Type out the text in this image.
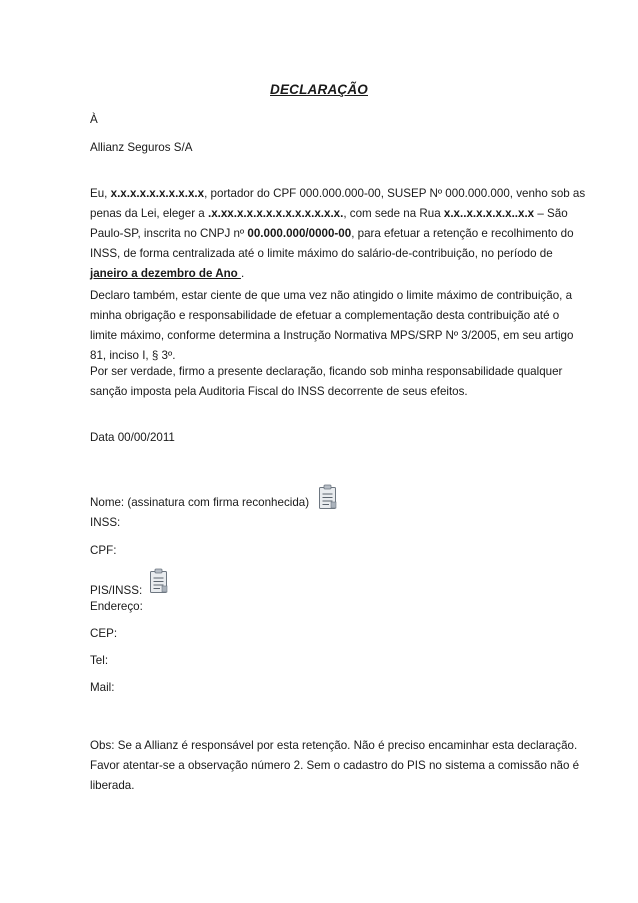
DECLARAÇÃO
À
Allianz Seguros S/A
Eu, x.x.x.x.x.x.x.x.x.x, portador do CPF 000.000.000-00, SUSEP Nº 000.000.000, venho sob as
penas da Lei, eleger a .x.xx.x.x.x.x.x.x.x.x.x.x.x., com sede na Rua x.x..x.x.x.x.x..x.x – São
Paulo-SP, inscrita no CNPJ nº 00.000.000/0000-00, para efetuar a retenção e recolhimento do
INSS, de forma centralizada até o limite máximo do salário-de-contribuição, no período de
janeiro a dezembro de Ano .
Declaro também, estar ciente de que uma vez não atingido o limite máximo de contribuição, a
minha obrigação e responsabilidade de efetuar a complementação desta contribuição até o
limite máximo, conforme determina a Instrução Normativa MPS/SRP Nº 3/2005, em seu artigo
81, inciso I, § 3º.
Por ser verdade, firmo a presente declaração, ficando sob minha responsabilidade qualquer
sanção imposta pela Auditoria Fiscal do INSS decorrente de seus efeitos.
Data 00/00/2011
Nome: (assinatura com firma reconhecida)
INSS:
CPF:
PIS/INSS:
Endereço:
CEP:
Tel:
Mail:
Obs: Se a Allianz é responsável por esta retenção. Não é preciso encaminhar esta declaração.
Favor atentar-se a observação número 2. Sem o cadastro do PIS no sistema a comissão não é
liberada.
